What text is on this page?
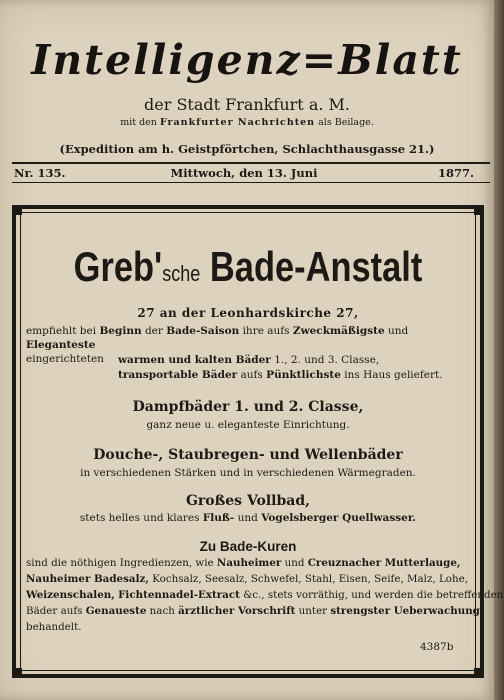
Intelligenz=Blatt
der Stadt Frankfurt a. M.
mit den Frankfurter Nachrichten als Beilage.
(Expedition am h. Geistpförtchen, Schlachthausgasse 21.)
Mittwoch, den 13. Juni
Nr. 135.	1877.
Greb'sche Bade-Anstalt
27 an der Leonhardskirche 27,
empfiehlt bei Beginn der Bade-Saison ihre aufs Zweckmäßigste und Eleganteste
eingerichteten	warmen und kalten Bäder 1., 2. und 3. Classe,
transportable Bäder aufs Pünktlichste ins Haus geliefert.
Dampfbäder 1. und 2. Classe,
ganz neue u. eleganteste Einrichtung.
Douche-, Staubregen- und Wellenbäder
in verschiedenen Stärken und in verschiedenen Wärmegraden.
Großes Vollbad,
stets helles und klares Fluß- und Vogelsberger Quellwasser.
Zu Bade-Kuren
sind die nöthigen Ingredienzen, wie Nauheimer und Creuznacher Mutterlauge,
Nauheimer Badesalz, Kochsalz, Seesalz, Schwefel, Stahl, Eisen, Seife, Malz, Lohe,
Weizenschalen, Fichtennadel-Extract &c., stets vorräthig, und werden die betreffenden
Bäder aufs Genaueste nach ärztlicher Vorschrift unter strengster Ueberwachung
behandelt.
4387b
